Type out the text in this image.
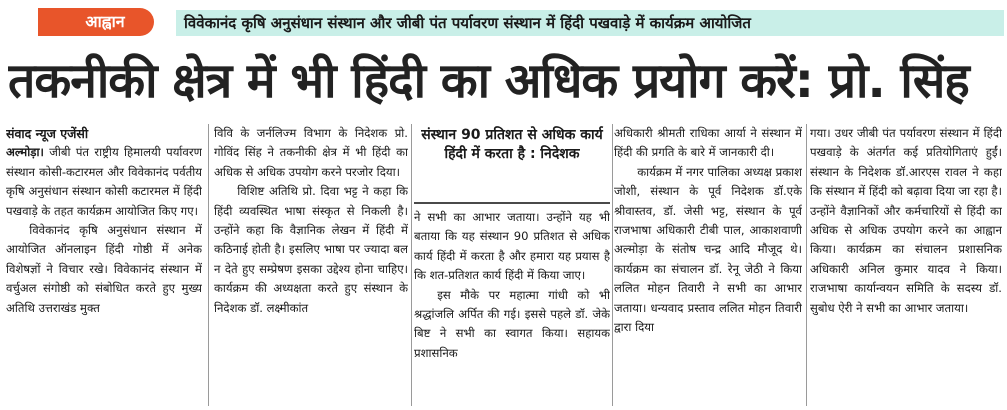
आह्वान	विवेकानंद कृषि अनुसंधान संस्थान और जीबी पंत पर्यावरण संस्थान में हिंदी पखवाड़े में कार्यक्रम आयोजित
तकनीकी क्षेत्र में भी हिंदी का अधिक प्रयोग करें: प्रो. सिंह

संवाद न्यूज एजेंसी

अल्मोड़ा। जीबी पंत राष्ट्रीय हिमालयी पर्यावरण संस्थान कोसी-कटारमल और विवेकानंद पर्वतीय कृषि अनुसंधान संस्थान कोसी कटारमल में हिंदी पखवाड़े के तहत कार्यक्रम आयोजित किए गए।

विवेकानंद कृषि अनुसंधान संस्थान में आयोजित ऑनलाइन हिंदी गोष्ठी में अनेक विशेषज्ञों ने विचार रखे। विवेकानंद संस्थान में वर्चुअल संगोष्ठी को संबोधित करते हुए मुख्य अतिथि उत्तराखंड मुक्त

विवि के जर्नलिज्म विभाग के निदेशक प्रो. गोविंद सिंह ने तकनीकी क्षेत्र में भी हिंदी का अधिक से अधिक उपयोग करने परजोर दिया।

विशिष्ट अतिथि प्रो. दिवा भट्ट ने कहा कि हिंदी व्यवस्थित भाषा संस्कृत से निकली है। उन्होंने कहा कि वैज्ञानिक लेखन में हिंदी में कठिनाई होती है। इसलिए भाषा पर ज्यादा बल न देते हुए सम्प्रेषण इसका उद्देश्य होना चाहिए। कार्यक्रम की अध्यक्षता करते हुए संस्थान के निदेशक डॉ. लक्ष्मीकांत

संस्थान 90 प्रतिशत से अधिक कार्य हिंदी में करता है : निदेशक

ने सभी का आभार जताया। उन्होंने यह भी बताया कि यह संस्थान 90 प्रतिशत से अधिक कार्य हिंदी में करता है और हमारा यह प्रयास है कि शत-प्रतिशत कार्य हिंदी में किया जाए।

इस मौके पर महात्मा गांधी को भी श्रद्धांजलि अर्पित की गई। इससे पहले डॉ. जेके बिष्ट ने सभी का स्वागत किया। सहायक प्रशासनिक

अधिकारी श्रीमती राधिका आर्या ने संस्थान में हिंदी की प्रगति के बारे में जानकारी दी।

कार्यक्रम में नगर पालिका अध्यक्ष प्रकाश जोशी, संस्थान के पूर्व निदेशक डॉ.एके श्रीवास्तव, डॉ. जेसी भट्ट, संस्थान के पूर्व राजभाषा अधिकारी टीबी पाल, आकाशवाणी अल्मोड़ा के संतोष चन्द्र आदि मौजूद थे। कार्यक्रम का संचालन डॉ. रेनू जेठी ने किया ललित मोहन तिवारी ने सभी का आभार जताया। धन्यवाद प्रस्ताव ललित मोहन तिवारी द्वारा दिया

गया। उधर जीबी पंत पर्यावरण संस्थान में हिंदी पखवाड़े के अंतर्गत कई प्रतियोगिताएं हुईं। संस्थान के निदेशक डॉ.आरएस रावल ने कहा कि संस्थान में हिंदी को बढ़ावा दिया जा रहा है। उन्होंने वैज्ञानिकों और कर्मचारियों से हिंदी का अधिक से अधिक उपयोग करने का आह्वान किया। कार्यक्रम का संचालन प्रशासनिक अधिकारी अनिल कुमार यादव ने किया। राजभाषा कार्यान्वयन समिति के सदस्य डॉ. सुबोध ऐरी ने सभी का आभार जताया।
